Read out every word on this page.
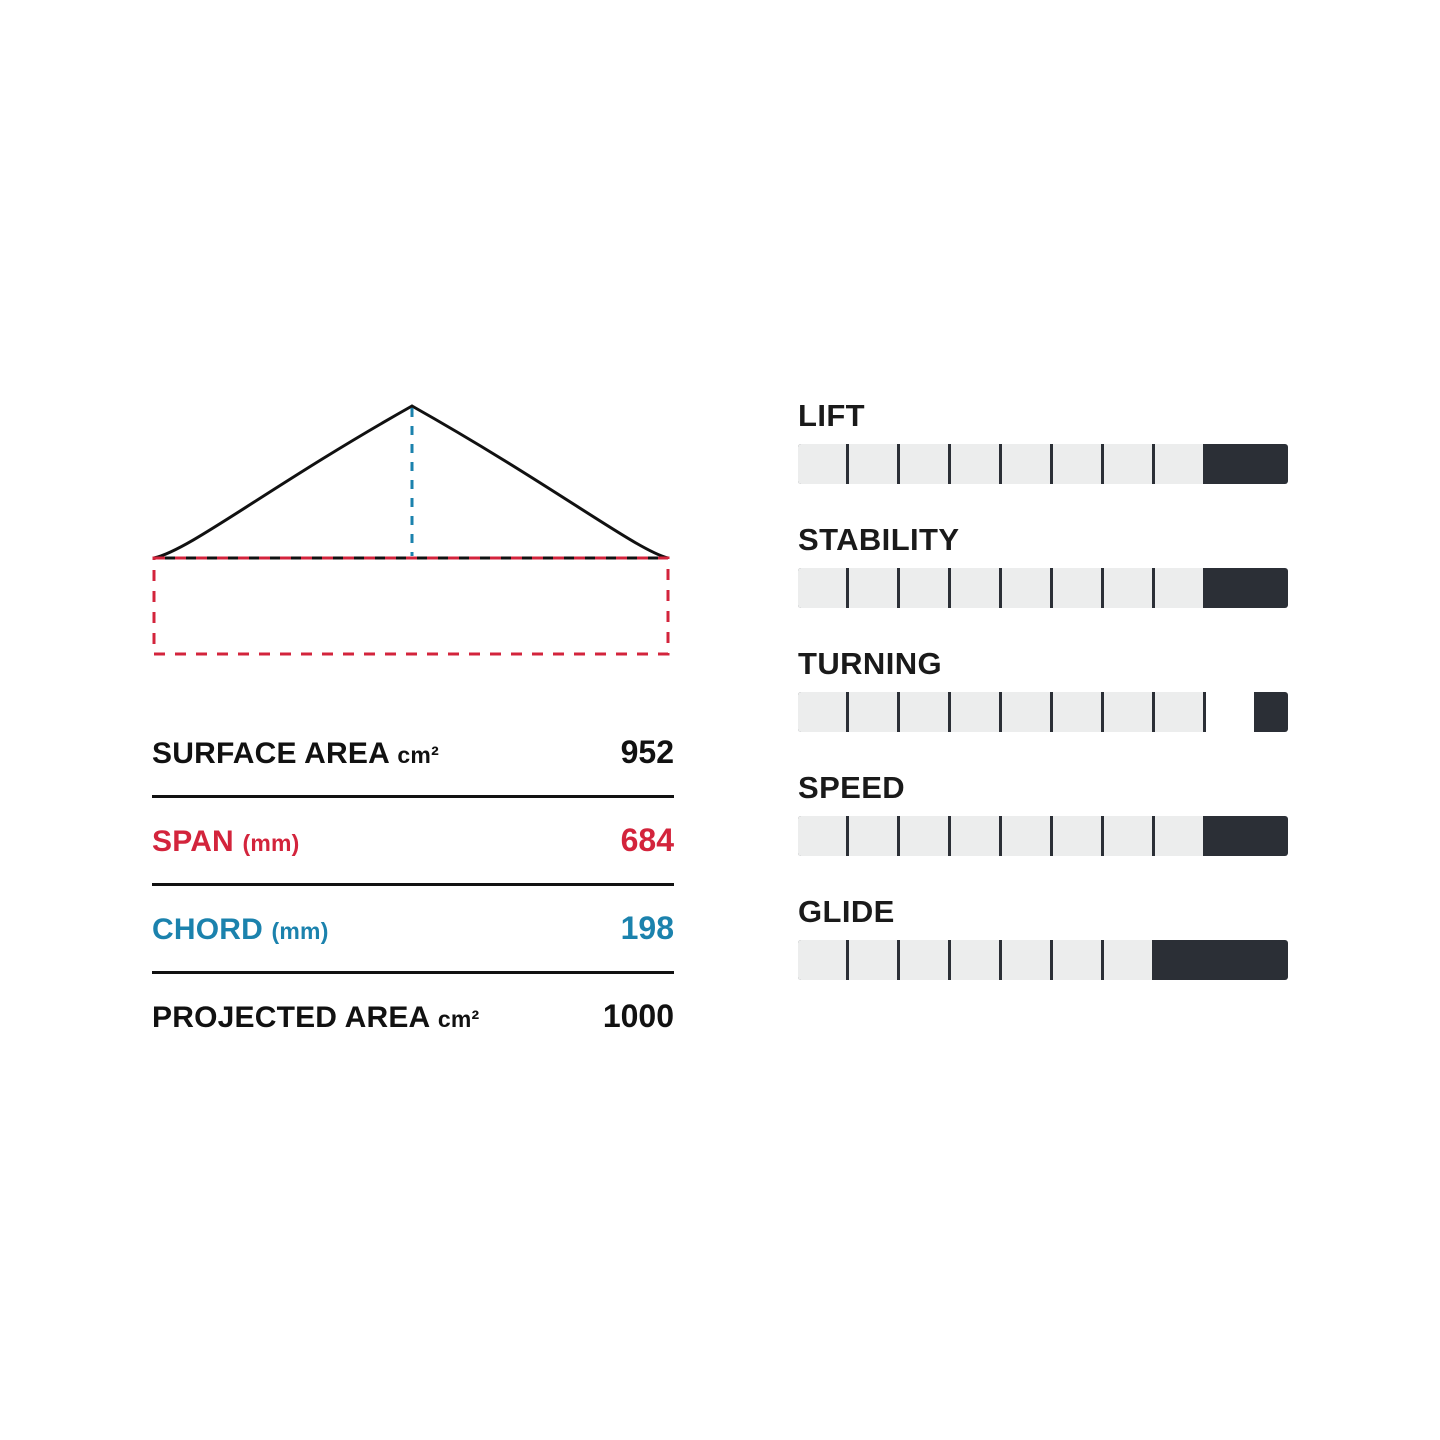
SURFACE AREA cm²	952
SPAN (mm)	684
CHORD (mm)	198
PROJECTED AREA cm²	1000
LIFT
STABILITY
TURNING
SPEED
GLIDE
